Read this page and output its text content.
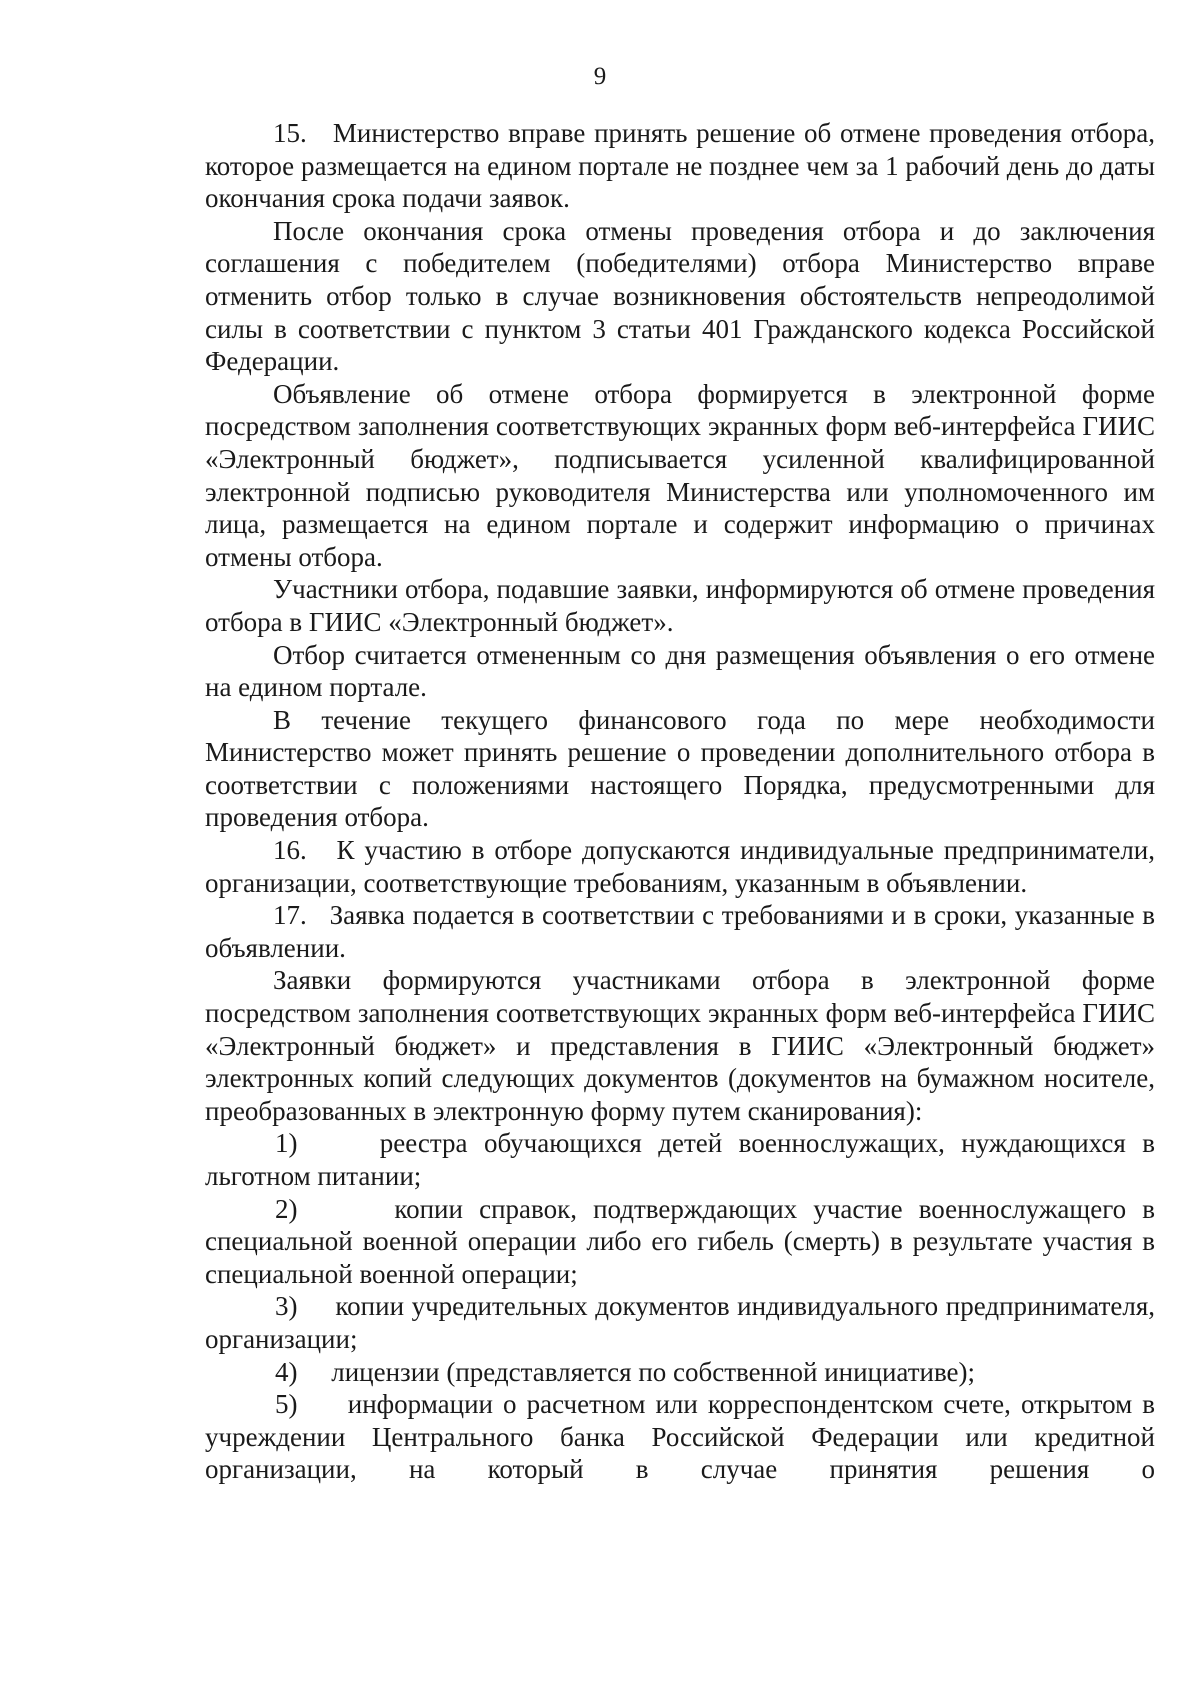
9

15.   Министерство вправе принять решение об отмене проведения отбора, которое размещается на едином портале не позднее чем за 1 рабочий день до даты окончания срока подачи заявок.

После окончания срока отмены проведения отбора и до заключения соглашения с победителем (победителями) отбора Министерство вправе отменить отбор только в случае возникновения обстоятельств непреодолимой силы в соответствии с пунктом 3 статьи 401 Гражданского кодекса Российской Федерации.

Объявление об отмене отбора формируется в электронной форме посредством заполнения соответствующих экранных форм веб-интерфейса ГИИС «Электронный бюджет», подписывается усиленной квалифицированной электронной подписью руководителя Министерства или уполномоченного им лица, размещается на едином портале и содержит информацию о причинах отмены отбора.

Участники отбора, подавшие заявки, информируются об отмене проведения отбора в ГИИС «Электронный бюджет».

Отбор считается отмененным со дня размещения объявления о его отмене на едином портале.

В течение текущего финансового года по мере необходимости Министерство может принять решение о проведении дополнительного отбора в соответствии с положениями настоящего Порядка, предусмотренными для проведения отбора.

16.   К участию в отборе допускаются индивидуальные предприниматели, организации, соответствующие требованиям, указанным в объявлении.

17.   Заявка подается в соответствии с требованиями и в сроки, указанные в объявлении.

Заявки формируются участниками отбора в электронной форме посредством заполнения соответствующих экранных форм веб-интерфейса ГИИС «Электронный бюджет» и представления в ГИИС «Электронный бюджет» электронных копий следующих документов (документов на бумажном носителе, преобразованных в электронную форму путем сканирования):

1)     реестра обучающихся детей военнослужащих, нуждающихся в льготном питании;

2)      копии справок, подтверждающих участие военнослужащего в специальной военной операции либо его гибель (смерть) в результате участия в специальной военной операции;

3)     копии учредительных документов индивидуального предпринимателя, организации;

4)     лицензии (представляется по собственной инициативе);

5)     информации о расчетном или корреспондентском счете, открытом в учреждении Центрального банка Российской Федерации или кредитной организации, на который в случае принятия решения о
